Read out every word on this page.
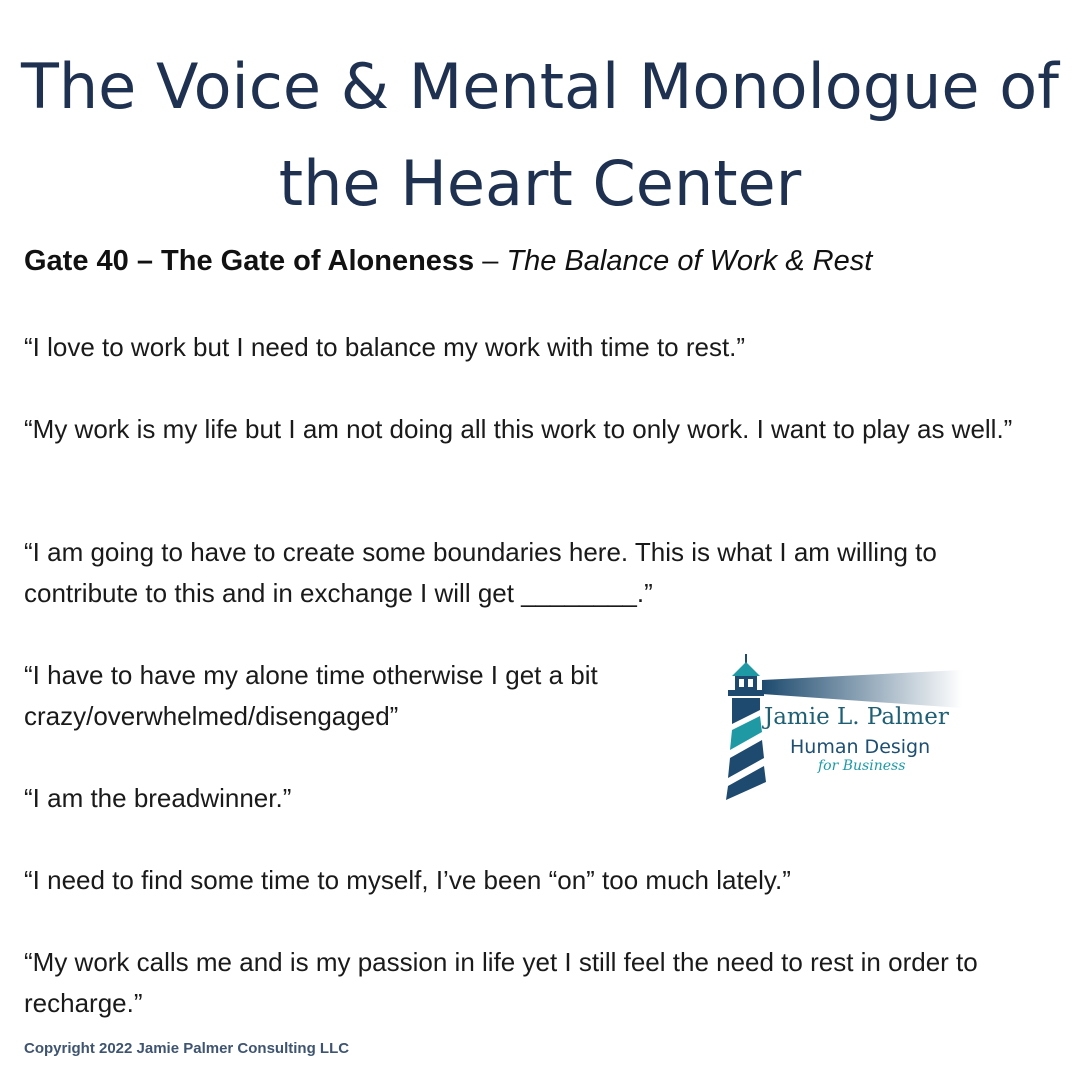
The Voice & Mental Monologue of
the Heart Center
Gate 40 – The Gate of Aloneness – The Balance of Work & Rest

“I love to work but I need to balance my work with time to rest.”

“My work is my life but I am not doing all this work to only work. I want to play as well.”

“I am going to have to create some boundaries here. This is what I am willing to contribute to this and in exchange I will get ________.”

“I have to have my alone time otherwise I get a bit crazy/overwhelmed/disengaged”

“I am the breadwinner.”

“I need to find some time to myself, I’ve been “on” too much lately.”

“My work calls me and is my passion in life yet I still feel the need to rest in order to recharge.”

Jamie L. Palmer
Human Design
for Business
Copyright 2022 Jamie Palmer Consulting LLC
